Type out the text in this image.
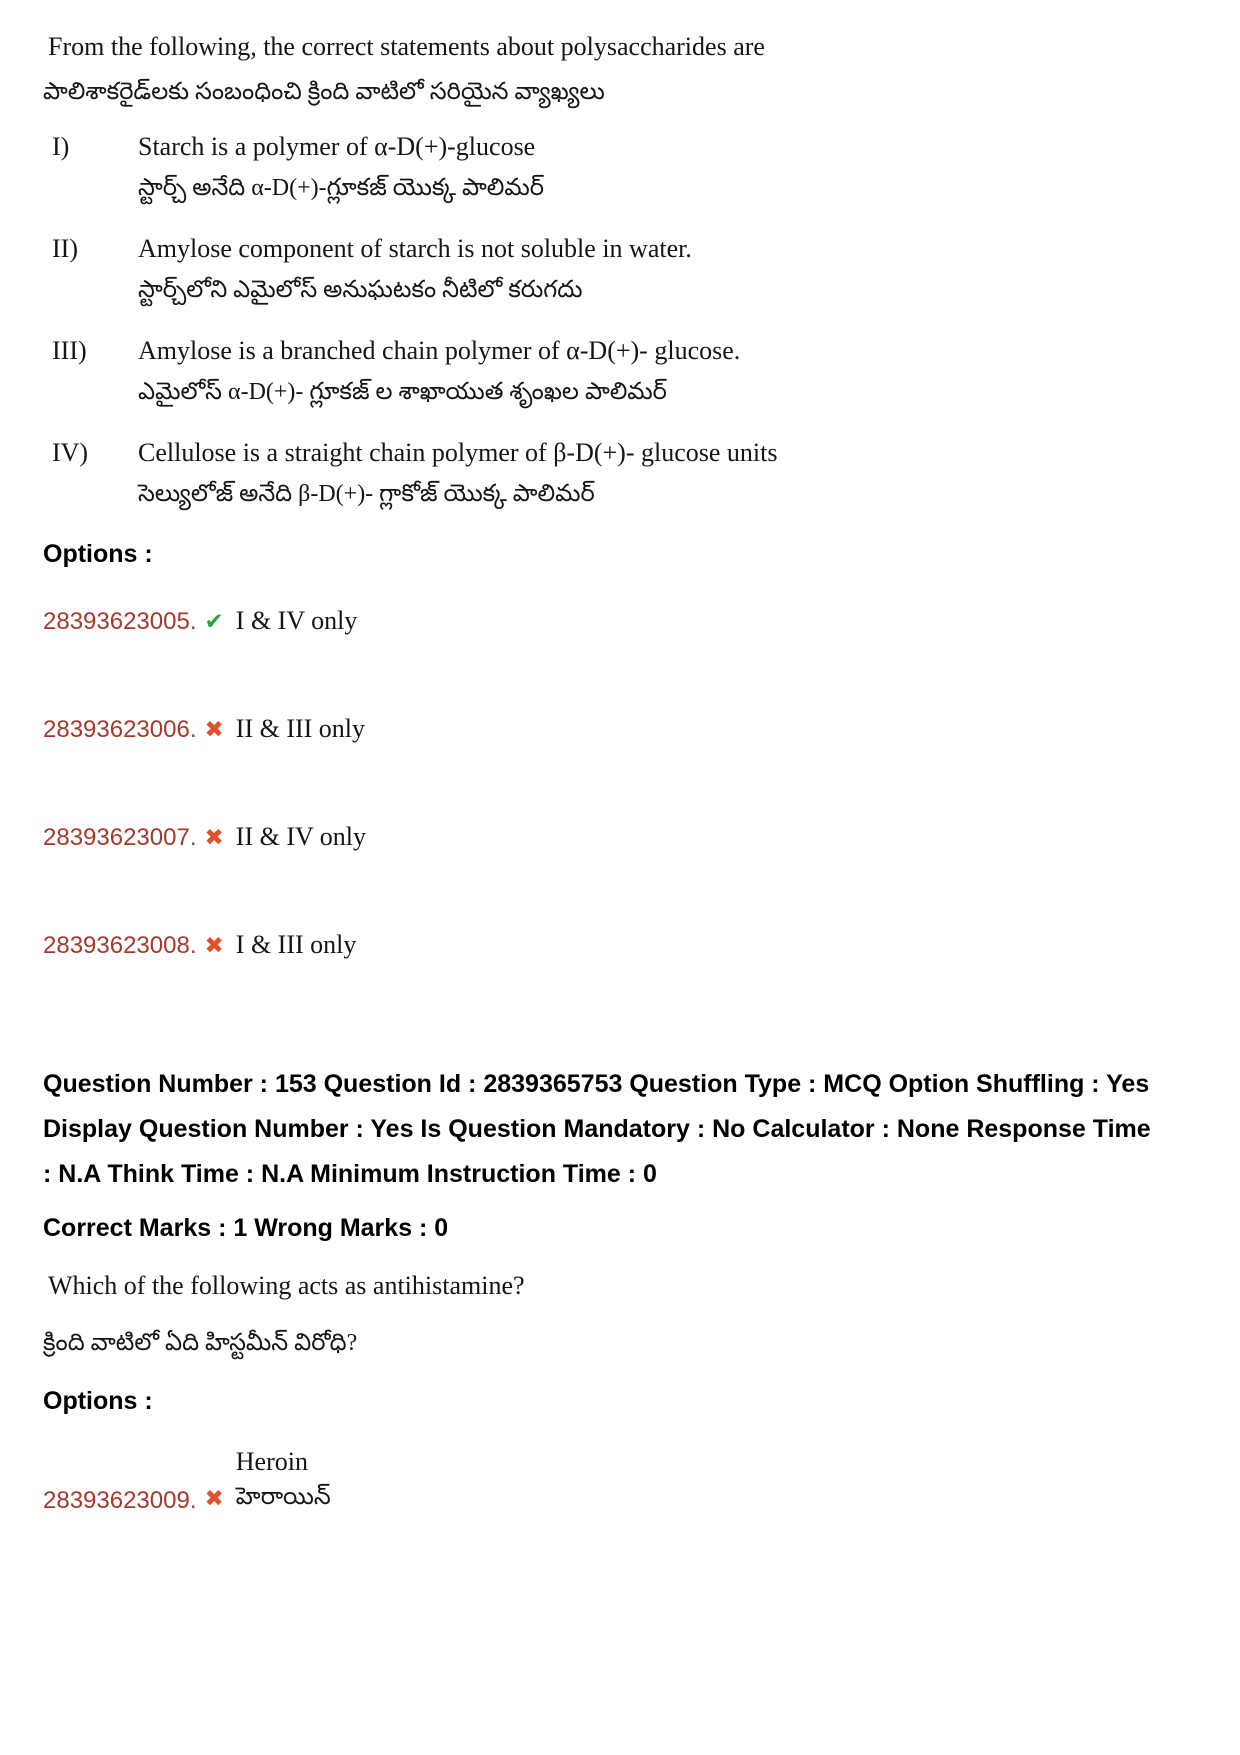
From the following, the correct statements about polysaccharides are
పాలిశాకరైడ్‌లకు సంబంధించి క్రింది వాటిలో సరియైన వ్యాఖ్యలు
I)	Starch is a polymer of α-D(+)-glucose
స్టార్చ్ అనేది α-D(+)-గ్లూకజ్ యొక్క పాలిమర్
II)	Amylose component of starch is not soluble in water.
స్టార్చ్‌లోని ఎమైలోస్ అనుఘటకం నీటిలో కరుగదు
III)	Amylose is a branched chain polymer of α-D(+)- glucose.
ఎమైలోస్ α-D(+)- గ్లూకజ్ ల శాఖాయుత శృంఖల పాలిమర్
IV)	Cellulose is a straight chain polymer of β-D(+)- glucose units
సెల్యులోజ్ అనేది β-D(+)- గ్లాకోజ్ యొక్క పాలిమర్
Options :
28393623005. ✔ I & IV only
28393623006. ✖ II & III only
28393623007. ✖ II & IV only
28393623008. ✖ I & III only
Question Number : 153 Question Id : 2839365753 Question Type : MCQ Option Shuffling : Yes
Display Question Number : Yes Is Question Mandatory : No Calculator : None Response Time
: N.A Think Time : N.A Minimum Instruction Time : 0
Correct Marks : 1 Wrong Marks : 0
Which of the following acts as antihistamine?
క్రింది వాటిలో ఏది హిస్టమీన్ విరోధి?
Options :
28393623009. ✖
Heroin
హెరాయిన్
